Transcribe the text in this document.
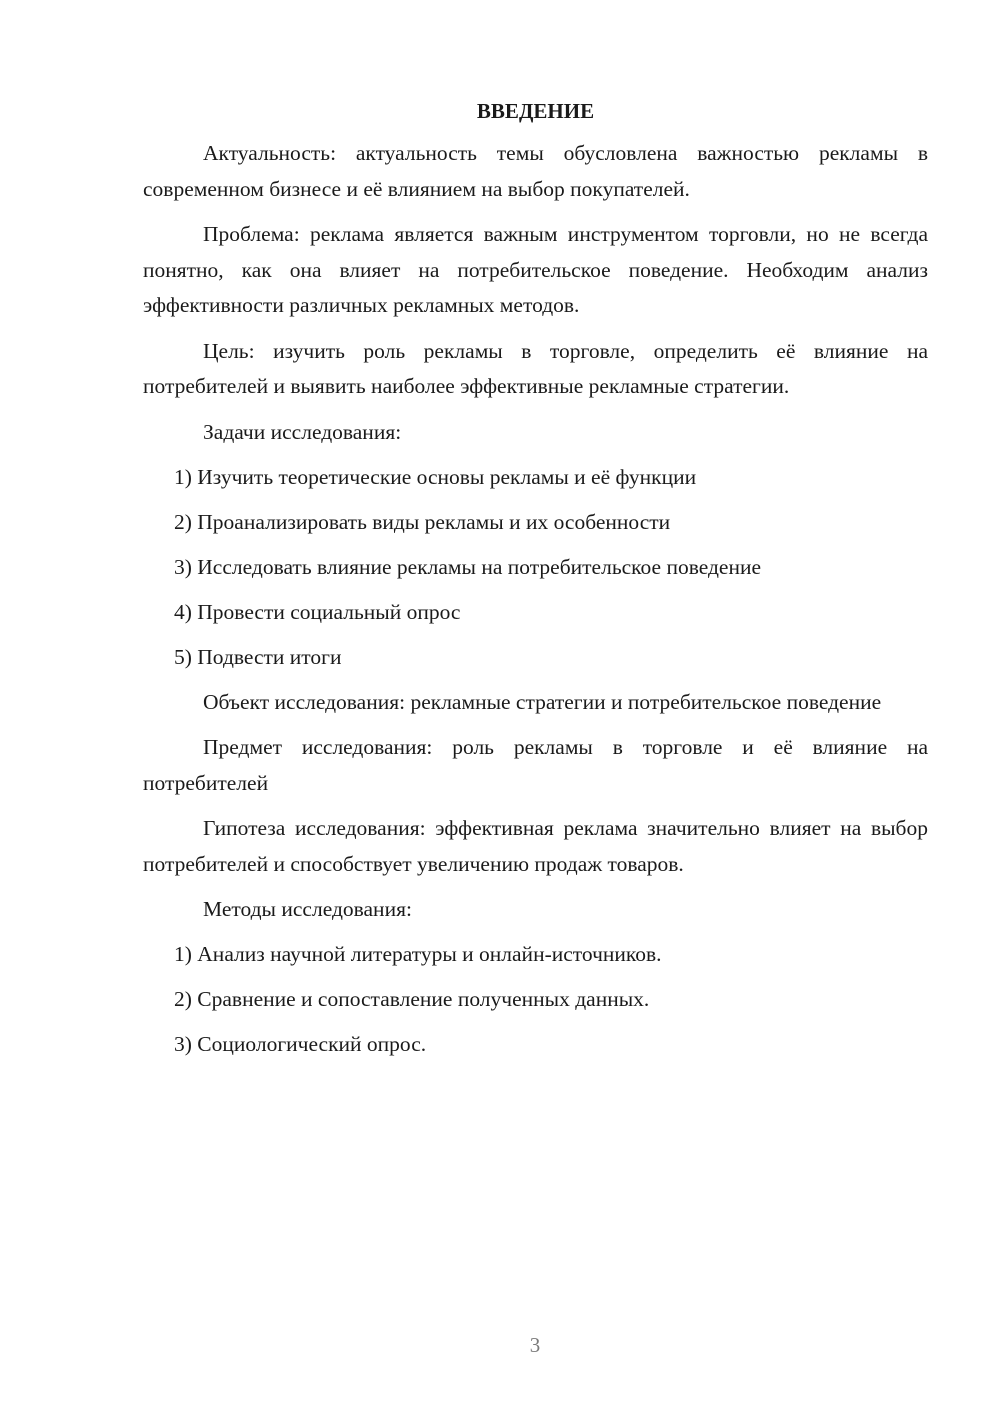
ВВЕДЕНИЕ

Актуальность: актуальность темы обусловлена важностью рекламы в современном бизнесе и её влиянием на выбор покупателей.

Проблема: реклама является важным инструментом торговли, но не всегда понятно, как она влияет на потребительское поведение. Необходим анализ эффективности различных рекламных методов.

Цель: изучить роль рекламы в торговле, определить её влияние на потребителей и выявить наиболее эффективные рекламные стратегии.

Задачи исследования:

1) Изучить теоретические основы рекламы и её функции
2) Проанализировать виды рекламы и их особенности
3) Исследовать влияние рекламы на потребительское поведение
4) Провести социальный опрос
5) Подвести итоги

Объект исследования: рекламные стратегии и потребительское поведение

Предмет исследования: роль рекламы в торговле и её влияние на потребителей

Гипотеза исследования: эффективная реклама значительно влияет на выбор потребителей и способствует увеличению продаж товаров.

Методы исследования:

1) Анализ научной литературы и онлайн-источников.
2) Сравнение и сопоставление полученных данных.
3) Социологический опрос.
3
